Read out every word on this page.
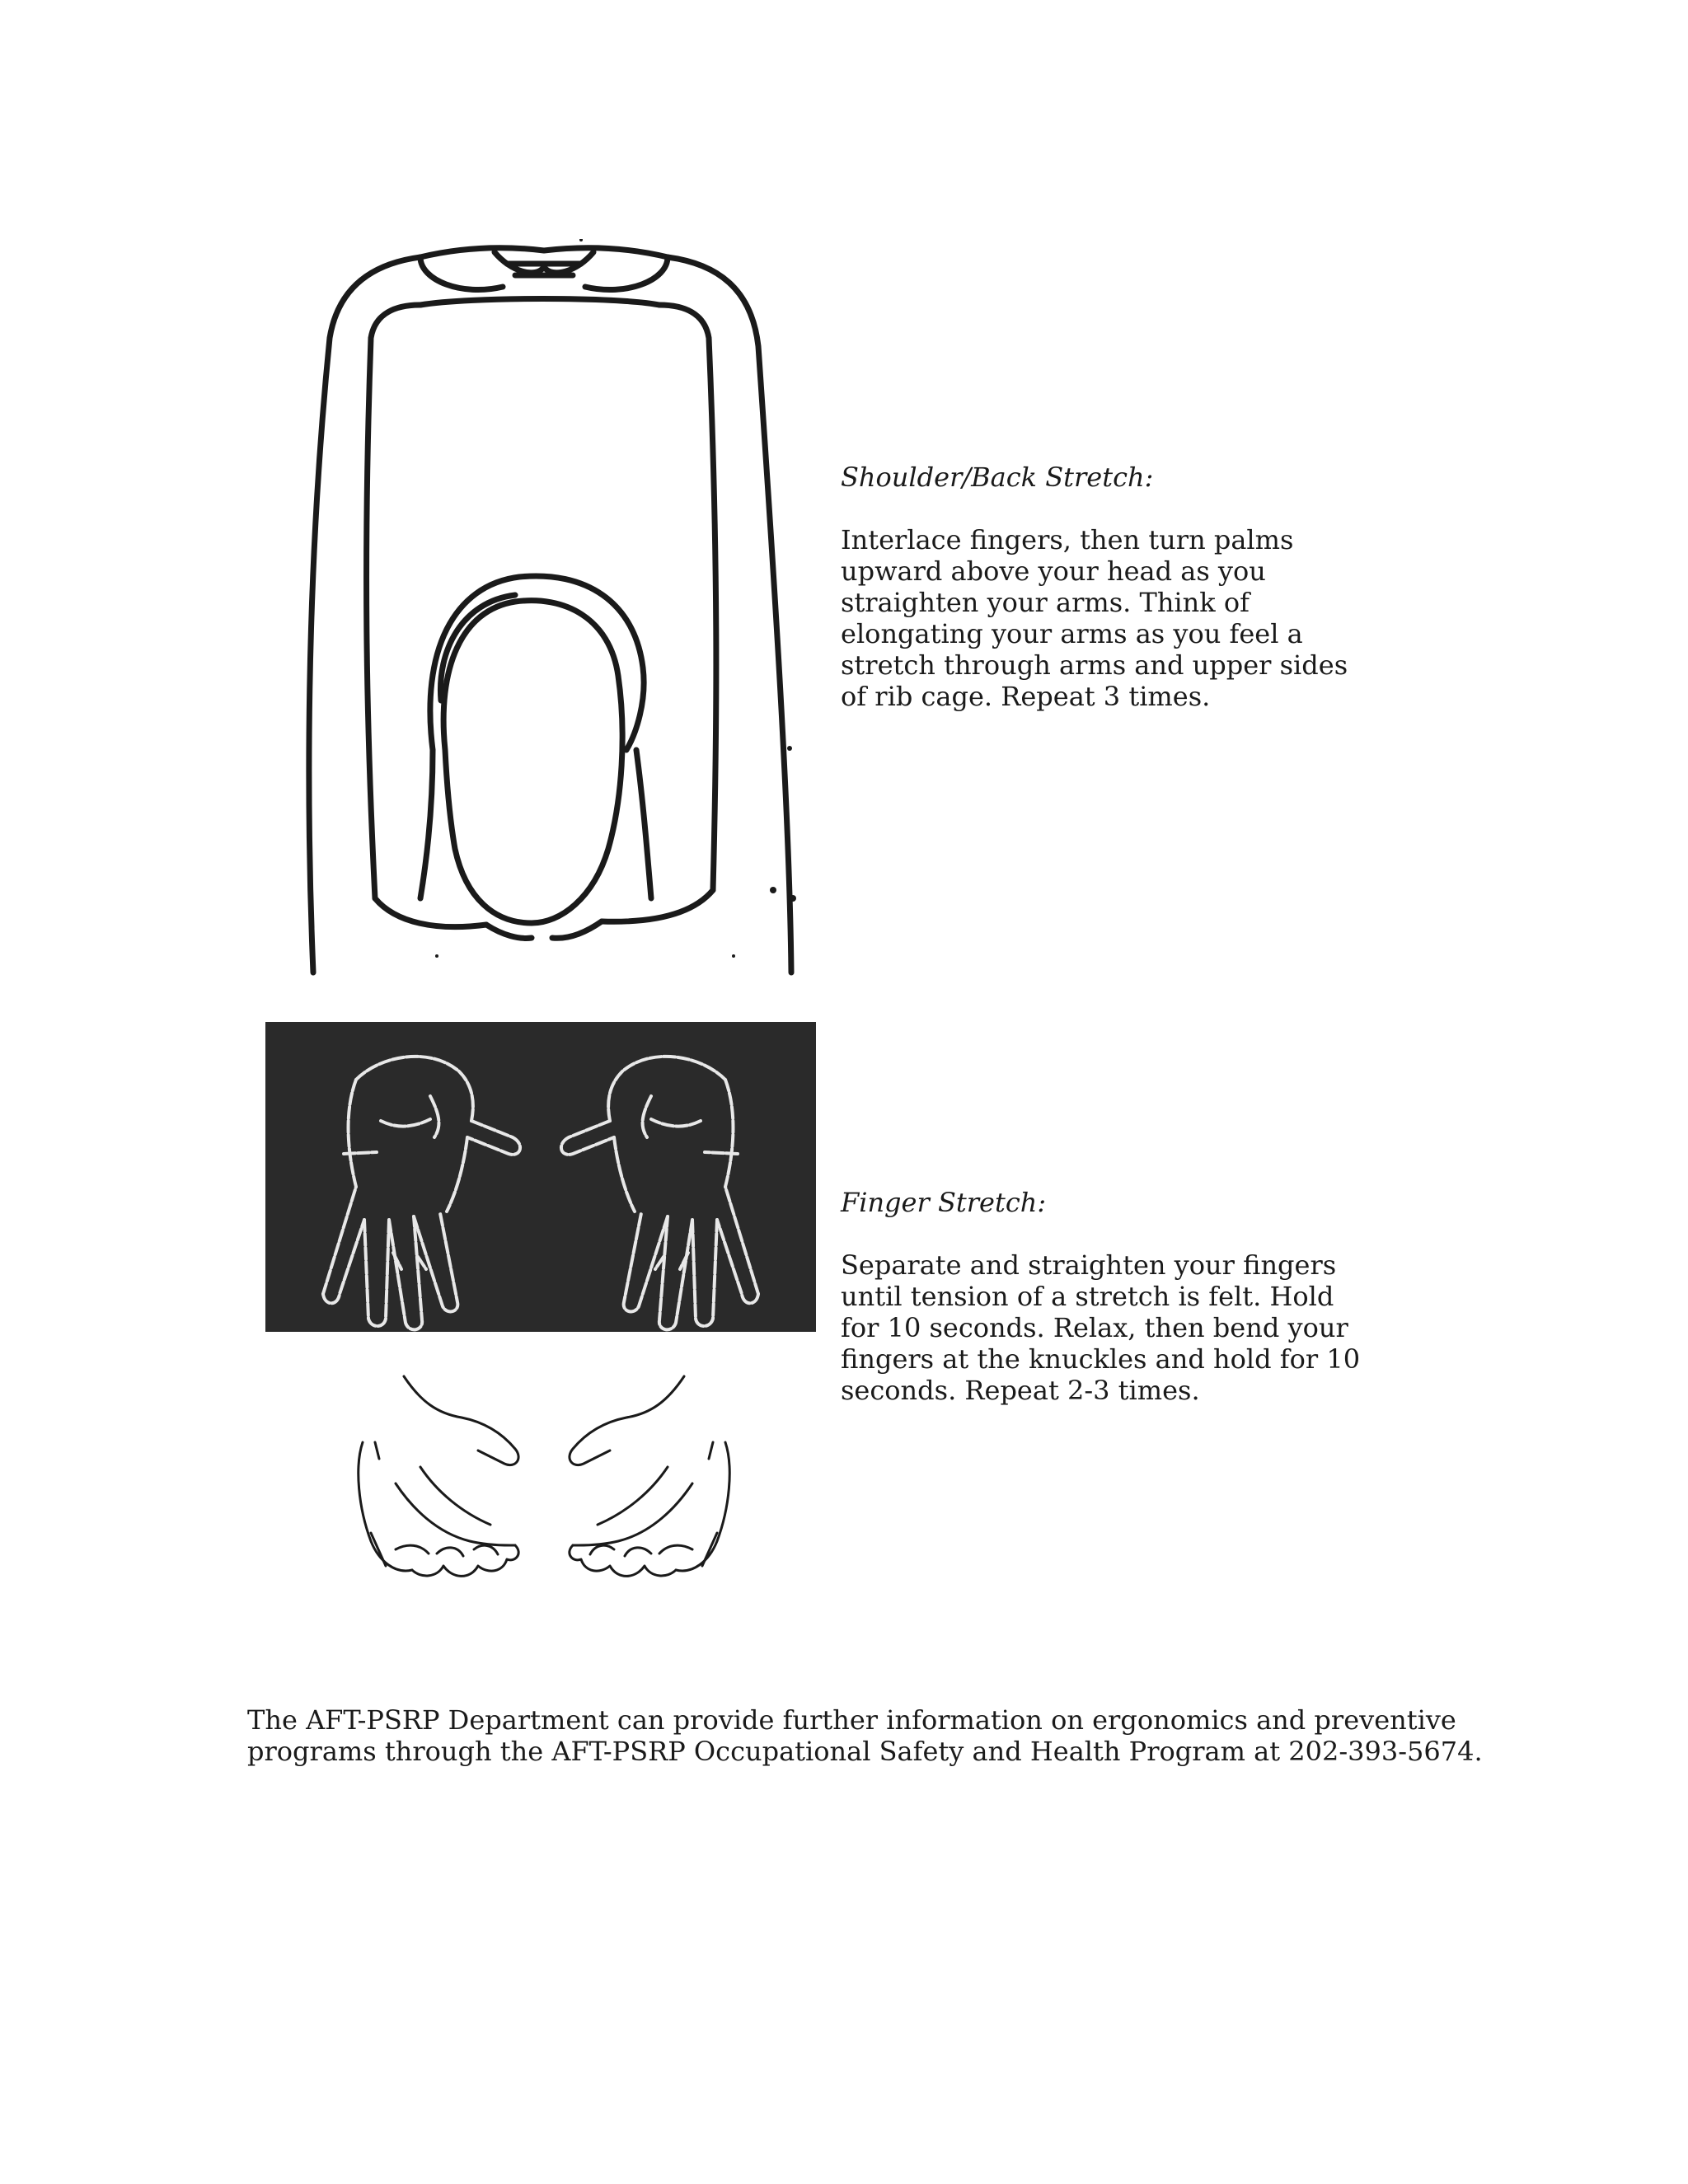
Shoulder/Back Stretch:
Interlace fingers, then turn palms
upward above your head as you
straighten your arms. Think of
elongating your arms as you feel a
stretch through arms and upper sides
of rib cage. Repeat 3 times.
Finger Stretch:
Separate and straighten your fingers
until tension of a stretch is felt. Hold
for 10 seconds. Relax, then bend your
fingers at the knuckles and hold for 10
seconds. Repeat 2-3 times.
The AFT-PSRP Department can provide further information on ergonomics and preventive
programs through the AFT-PSRP Occupational Safety and Health Program at 202-393-5674.
